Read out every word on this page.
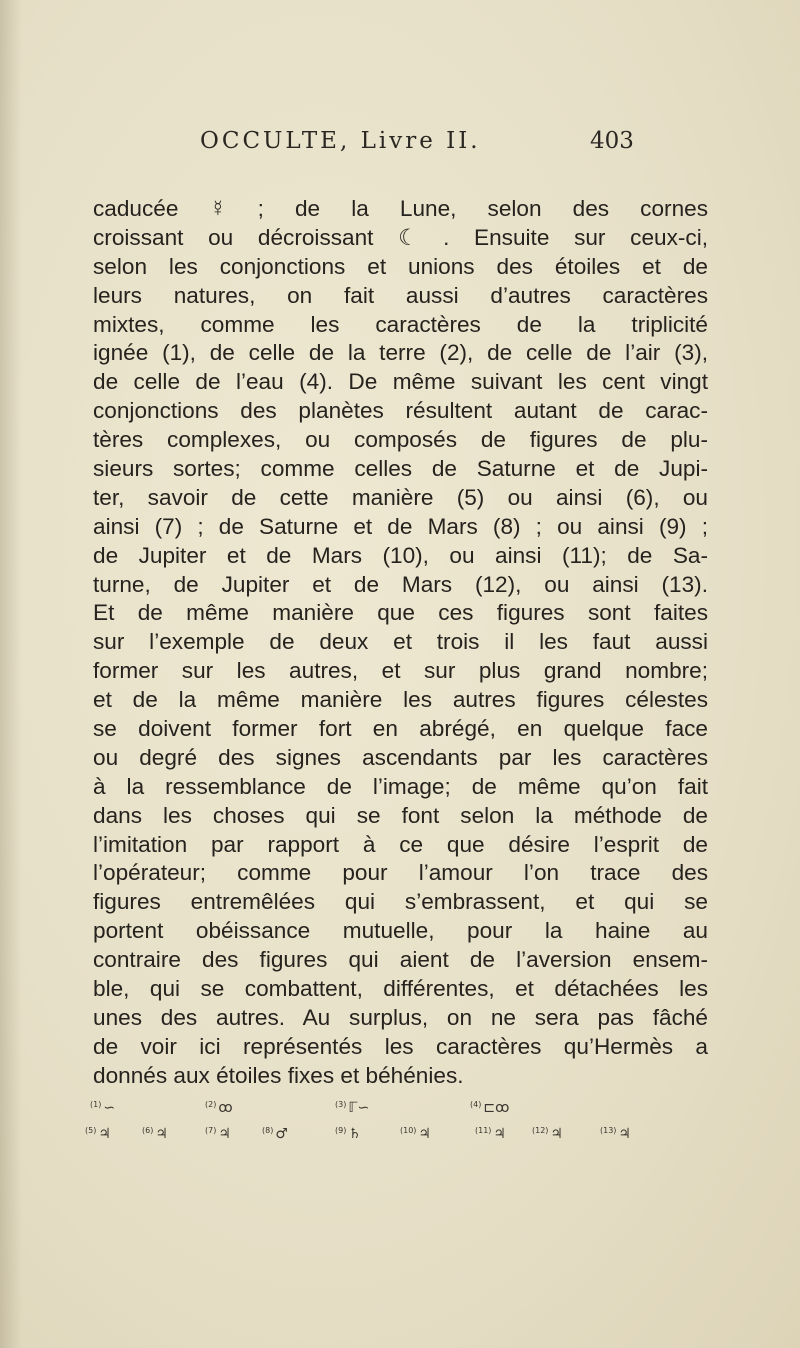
OCCULTE, Livre II.	403
caducée ☿ ; de la Lune, selon des cornes
croissant ou décroissant ☾ . Ensuite sur ceux-ci,
selon les conjonctions et unions des étoiles et de
leurs natures, on fait aussi d’autres caractères
mixtes, comme les caractères de la triplicité
ignée (1), de celle de la terre (2), de celle de l’air (3),
de celle de l’eau (4). De même suivant les cent vingt
conjonctions des planètes résultent autant de carac-
tères complexes, ou composés de figures de plu-
sieurs sortes; comme celles de Saturne et de Jupi-
ter, savoir de cette manière (5) ou ainsi (6), ou
ainsi (7) ; de Saturne et de Mars (8) ; ou ainsi (9) ;
de Jupiter et de Mars (10), ou ainsi (11); de Sa-
turne, de Jupiter et de Mars (12), ou ainsi (13).
Et de même manière que ces figures sont faites
sur l’exemple de deux et trois il les faut aussi
former sur les autres, et sur plus grand nombre;
et de la même manière les autres figures célestes
se doivent former fort en abrégé, en quelque face
ou degré des signes ascendants par les caractères
à la ressemblance de l’image; de même qu’on fait
dans les choses qui se font selon la méthode de
l’imitation par rapport à ce que désire l’esprit de
l’opérateur; comme pour l’amour l’on trace des
figures entremêlées qui s’embrassent, et qui se
portent obéissance mutuelle, pour la haine au
contraire des figures qui aient de l’aversion ensem-
ble, qui se combattent, différentes, et détachées les
unes des autres. Au surplus, on ne sera pas fâché
de voir ici représentés les caractères qu’Hermès a
donnés aux étoiles fixes et béhénies.
$^{(1)}$ ∽	$^{(2)}$ ꝏ	$^{(3)}$ ℾ∽	$^{(4)}$ ⊏ꝏ
$^{(5)}$ ♃	$^{(6)}$ ♃	$^{(7)}$ ♃	$^{(8)}$ ♂	$^{(9)}$ ♄	$^{(10)}$ ♃	$^{(11)}$ ♃	$^{(12)}$ ♃	$^{(13)}$ ♃
